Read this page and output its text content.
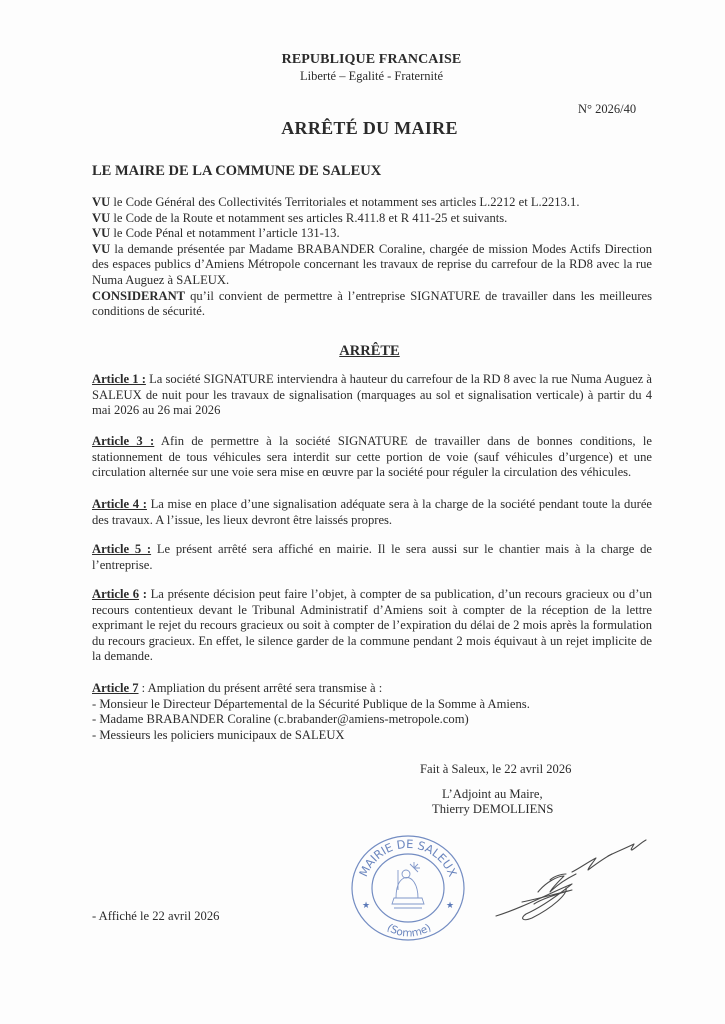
REPUBLIQUE FRANCAISE
Liberté – Egalité - Fraternité
N° 2026/40
ARRÊTÉ DU MAIRE
LE MAIRE DE LA COMMUNE DE SALEUX

VU le Code Général des Collectivités Territoriales et notamment ses articles L.2212 et L.2213.1.

VU le Code de la Route et notamment ses articles R.411.8 et R 411-25 et suivants.

VU le Code Pénal et notamment l’article 131-13.

VU la demande présentée par Madame BRABANDER Coraline, chargée de mission Modes Actifs Direction des espaces publics d’Amiens Métropole concernant les travaux de reprise du carrefour de la RD8 avec la rue Numa Auguez à SALEUX.

CONSIDERANT qu’il convient de permettre à l’entreprise SIGNATURE de travailler dans les meilleures conditions de sécurité.

ARRÊTE

Article 1 : La société SIGNATURE interviendra à hauteur du carrefour de la RD 8 avec la rue Numa Auguez à SALEUX de nuit pour les travaux de signalisation (marquages au sol et signalisation verticale) à partir du 4 mai 2026 au 26 mai 2026

Article 3 : Afin de permettre à la société SIGNATURE de travailler dans de bonnes conditions, le stationnement de tous véhicules sera interdit sur cette portion de voie (sauf véhicules d’urgence) et une circulation alternée sur une voie sera mise en œuvre par la société pour réguler la circulation des véhicules.

Article 4 : La mise en place d’une signalisation adéquate sera à la charge de la société pendant toute la durée des travaux. A l’issue, les lieux devront être laissés propres.

Article 5 : Le présent arrêté sera affiché en mairie. Il le sera aussi sur le chantier mais à la charge de l’entreprise.

Article 6 : La présente décision peut faire l’objet, à compter de sa publication, d’un recours gracieux ou d’un recours contentieux devant le Tribunal Administratif d’Amiens soit à compter de la réception de la lettre exprimant le rejet du recours gracieux ou soit à compter de l’expiration du délai de 2 mois après la formulation du recours gracieux. En effet, le silence garder de la commune pendant 2 mois équivaut à un rejet implicite de la demande.

Article 7 : Ampliation du présent arrêté sera transmise à :
- Monsieur le Directeur Départemental de la Sécurité Publique de la Somme à Amiens.
- Madame BRABANDER Coraline (c.brabander@amiens-metropole.com)
- Messieurs les policiers municipaux de SALEUX
Fait à Saleux, le 22 avril 2026
L’Adjoint au Maire,
Thierry DEMOLLIENS
MAIRIE DE SALEUX
(Somme)
★	★
- Affiché le 22 avril 2026
